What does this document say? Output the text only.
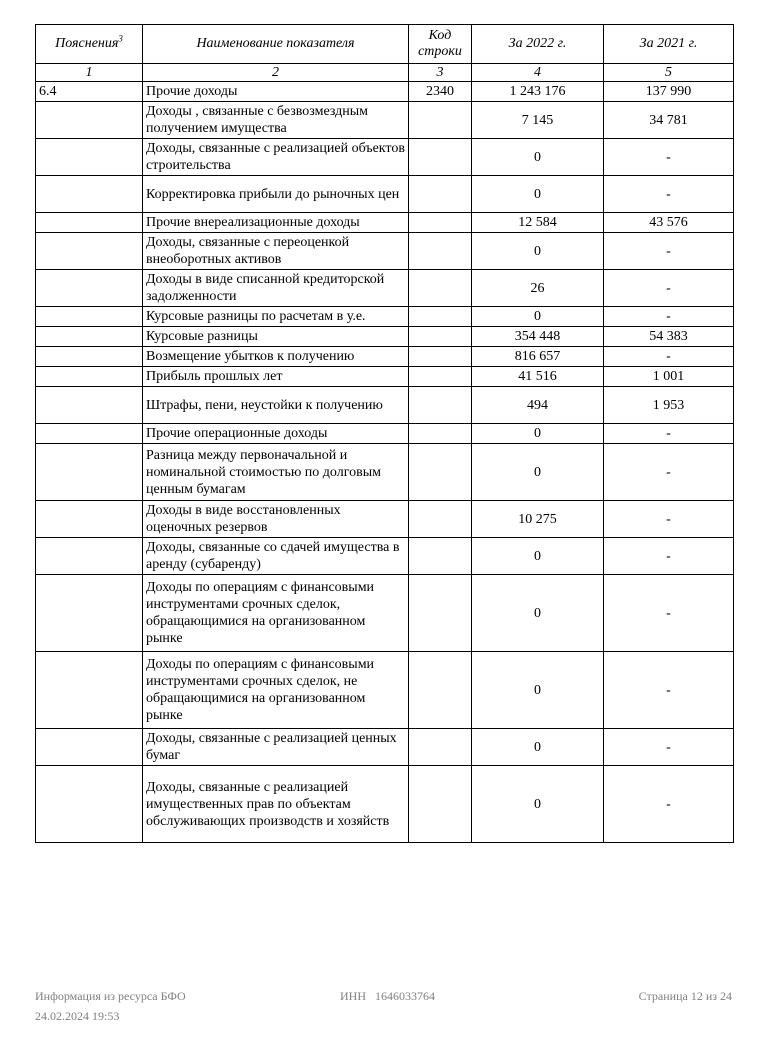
Пояснения$^3$	Наименование показателя	Код строки	За 2022 г.	За 2021 г.
1	2	3	4	5
6.4	Прочие доходы	2340	1 243 176	137 990
	Доходы , связанные с безвозмездным получением имущества		7 145	34 781
	Доходы, связанные с реализацией объектов строительства		0	-
	Корректировка прибыли до рыночных цен		0	-
	Прочие внереализационные доходы		12 584	43 576
	Доходы, связанные с переоценкой внеоборотных активов		0	-
	Доходы в виде списанной кредиторской задолженности		26	-
	Курсовые разницы по расчетам в у.е.		0	-
	Курсовые разницы		354 448	54 383
	Возмещение убытков к получению		816 657	-
	Прибыль прошлых лет		41 516	1 001
	Штрафы, пени, неустойки к получению		494	1 953
	Прочие операционные доходы		0	-
	Разница между первоначальной и номинальной стоимостью по долговым ценным бумагам		0	-
	Доходы в виде восстановленных оценочных резервов		10 275	-
	Доходы, связанные со сдачей имущества в аренду (субаренду)		0	-
	Доходы по операциям с финансовыми инструментами срочных сделок, обращающимися на организованном рынке		0	-
	Доходы по операциям с финансовыми инструментами срочных сделок, не обращающимися на организованном рынке		0	-
	Доходы, связанные с реализацией ценных бумаг		0	-
	Доходы, связанные с реализацией имущественных прав по объектам обслуживающих производств и хозяйств		0	-
Информация из ресурса БФО
24.02.2024 19:53
ИНН 1646033764	Страница 12 из 24
